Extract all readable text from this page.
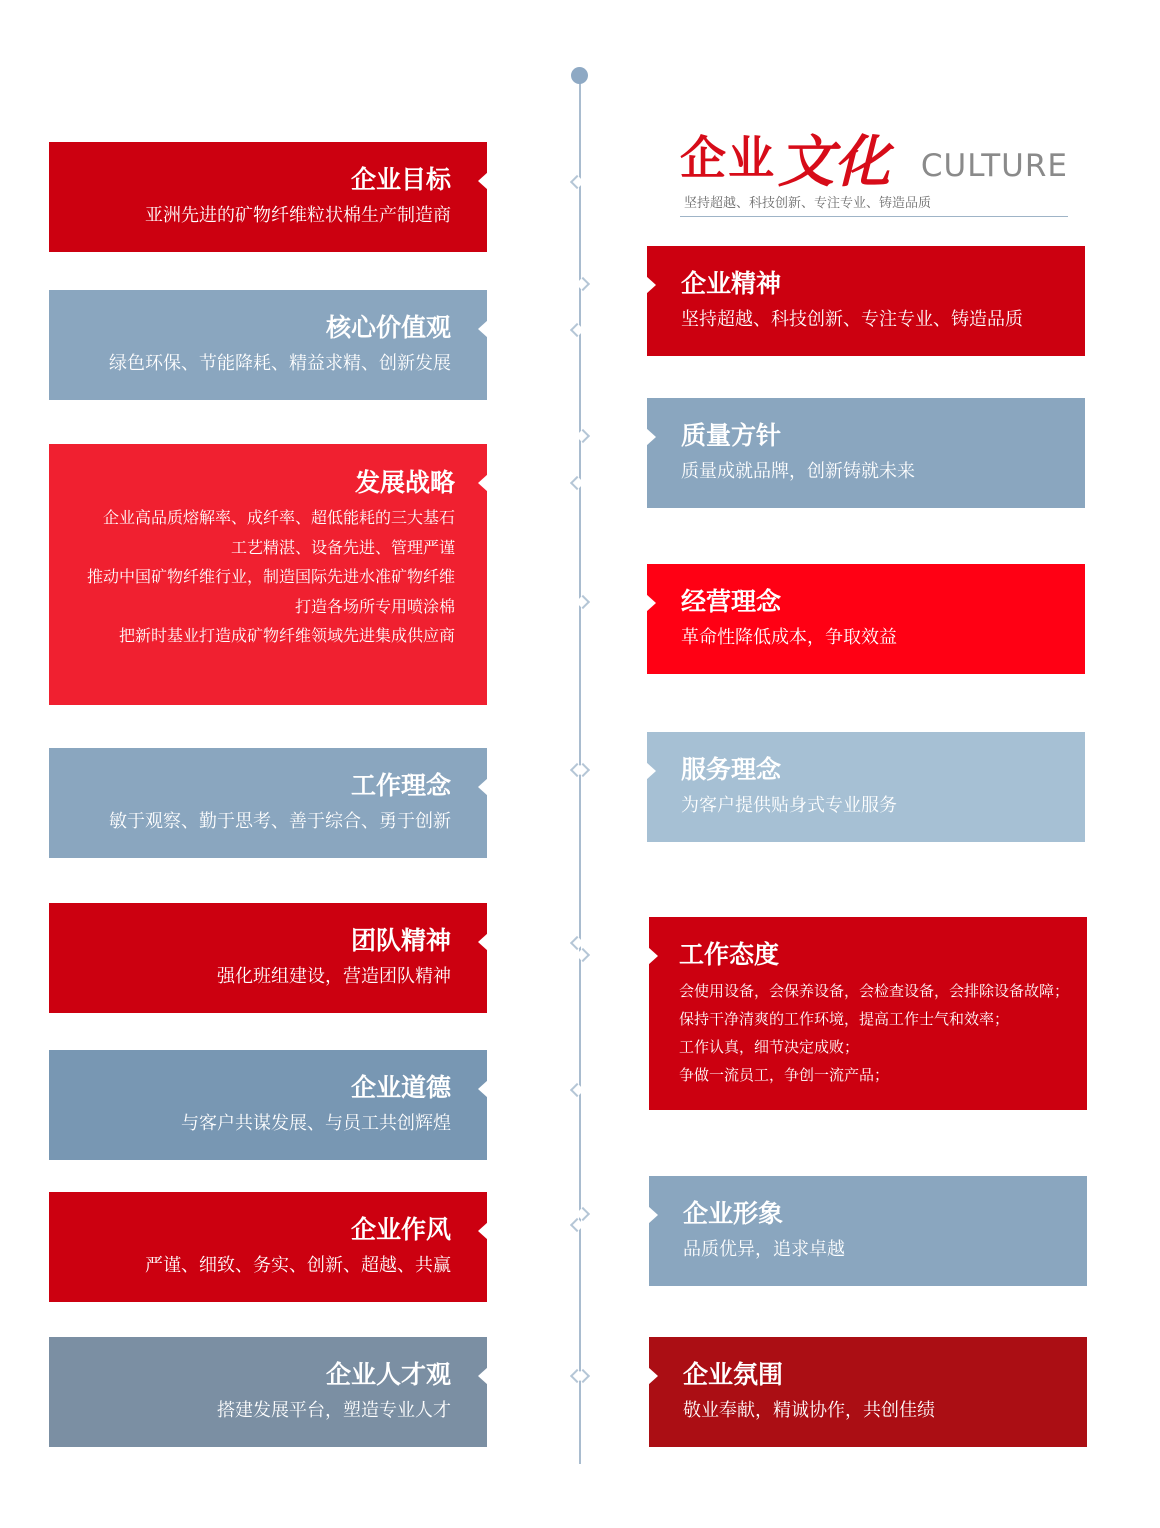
企业 文化 CULTURE
坚持超越、科技创新、专注专业、铸造品质
企业目标
亚洲先进的矿物纤维粒状棉生产制造商
核心价值观
绿色环保、节能降耗、精益求精、创新发展
发展战略
企业高品质熔解率、成纤率、超低能耗的三大基石
工艺精湛、设备先进、管理严谨
推动中国矿物纤维行业，制造国际先进水准矿物纤维
打造各场所专用喷涂棉
把新时基业打造成矿物纤维领域先进集成供应商
工作理念
敏于观察、勤于思考、善于综合、勇于创新
团队精神
强化班组建设，营造团队精神
企业道德
与客户共谋发展、与员工共创辉煌
企业作风
严谨、细致、务实、创新、超越、共赢
企业人才观
搭建发展平台，塑造专业人才
企业精神
坚持超越、科技创新、专注专业、铸造品质
质量方针
质量成就品牌，创新铸就未来
经营理念
革命性降低成本，争取效益
服务理念
为客户提供贴身式专业服务
工作态度
会使用设备，会保养设备，会检查设备，会排除设备故障；
保持干净清爽的工作环境，提高工作士气和效率；
工作认真，细节决定成败；
争做一流员工，争创一流产品；
企业形象
品质优异，追求卓越
企业氛围
敬业奉献，精诚协作，共创佳绩
